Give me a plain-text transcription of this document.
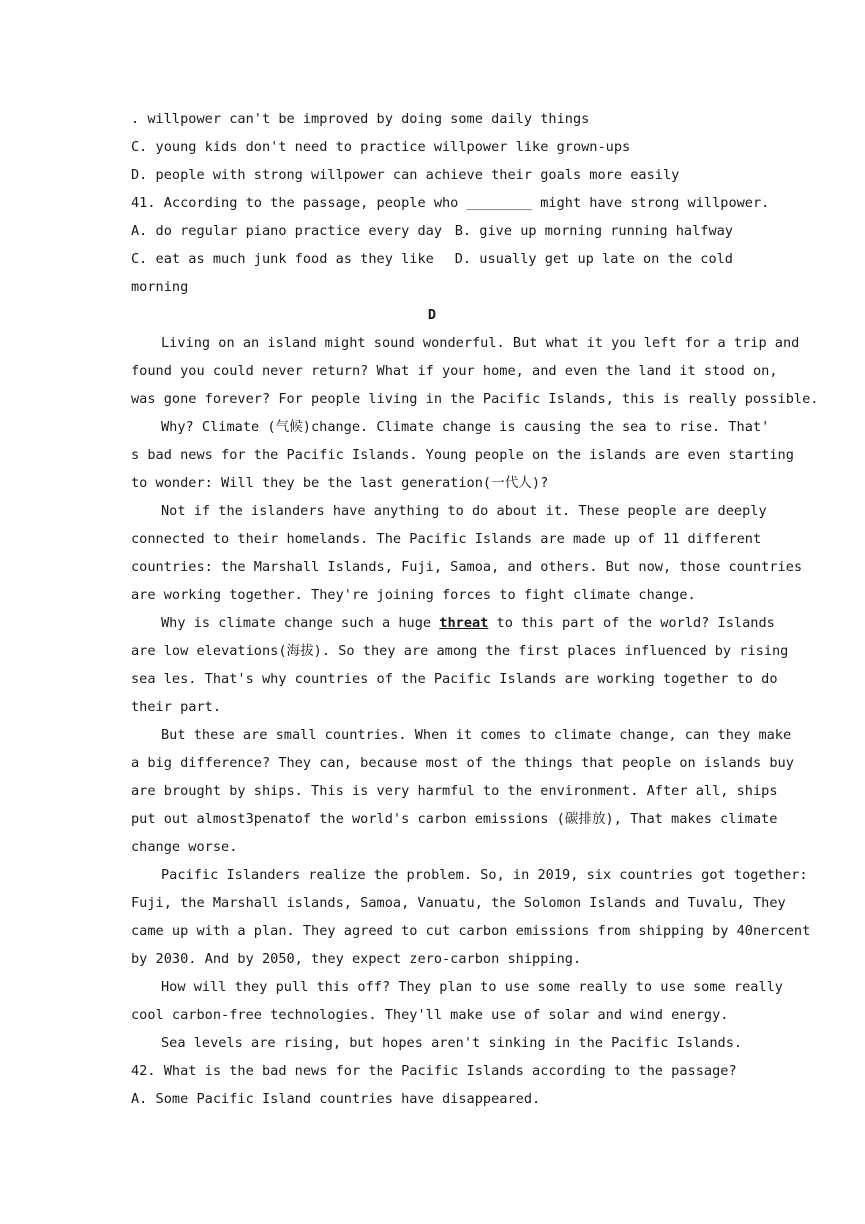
. willpower can't be improved by doing some daily things
C. young kids don't need to practice willpower like grown-ups
D. people with strong willpower can achieve their goals more easily
41. According to the passage, people who ________ might have strong willpower.
A. do regular piano practice every day B. give up morning running halfway
C. eat as much junk food as they like	D. usually get up late on the cold
morning
D
Living on an island might sound wonderful. But what it you left for a trip and
found you could never return? What if your home, and even the land it stood on,
was gone forever? For people living in the Pacific Islands, this is really possible.
Why? Climate (气候)change. Climate change is causing the sea to rise. That'
s bad news for the Pacific Islands. Young people on the islands are even starting
to wonder: Will they be the last generation(一代人)?
Not if the islanders have anything to do about it. These people are deeply
connected to their homelands. The Pacific Islands are made up of 11 different
countries: the Marshall Islands, Fuji, Samoa, and others. But now, those countries
are working together. They're joining forces to fight climate change.
Why is climate change such a huge threat to this part of the world? Islands
are low elevations(海拔). So they are among the first places influenced by rising
sea les. That's why countries of the Pacific Islands are working together to do
their part.
But these are small countries. When it comes to climate change, can they make
a big difference? They can, because most of the things that people on islands buy
are brought by ships. This is very harmful to the environment. After all, ships
put out almost3penatof the world's carbon emissions (碳排放), That makes climate
change worse.
Pacific Islanders realize the problem. So, in 2019, six countries got together:
Fuji, the Marshall islands, Samoa, Vanuatu, the Solomon Islands and Tuvalu, They
came up with a plan. They agreed to cut carbon emissions from shipping by 40nercent
by 2030. And by 2050, they expect zero-carbon shipping.
How will they pull this off? They plan to use some really to use some really
cool carbon-free technologies. They'll make use of solar and wind energy.
Sea levels are rising, but hopes aren't sinking in the Pacific Islands.
42. What is the bad news for the Pacific Islands according to the passage?
A. Some Pacific Island countries have disappeared.
